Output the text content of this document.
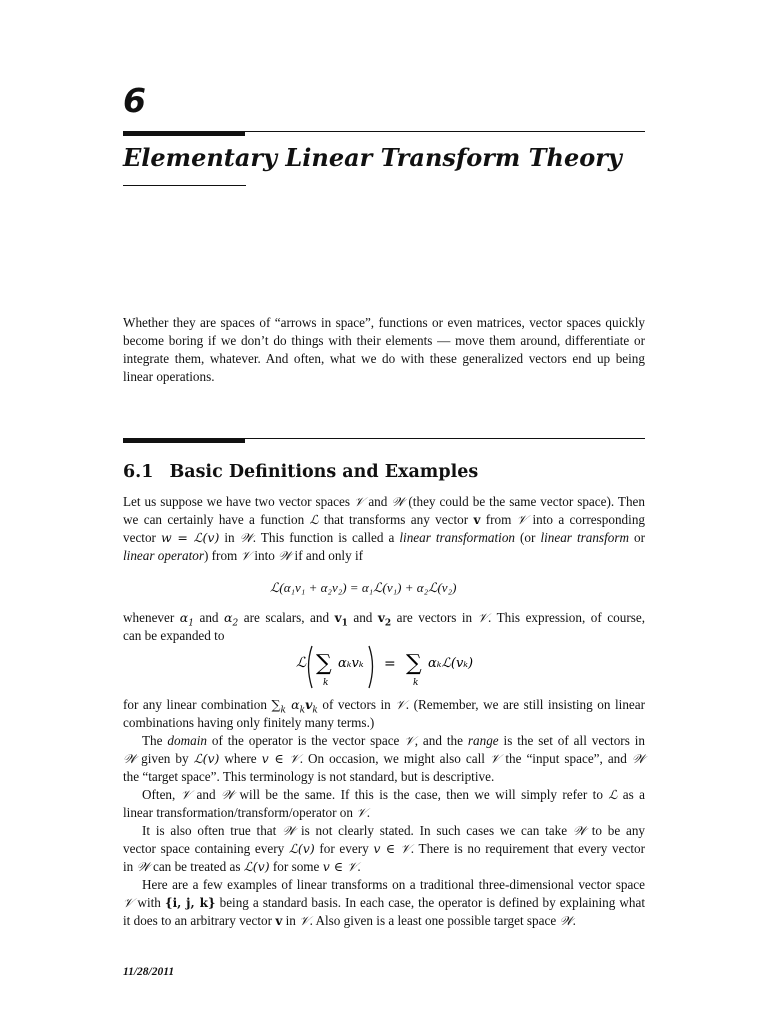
6
Elementary Linear Transform Theory
Whether they are spaces of “arrows in space”, functions or even matrices, vector spaces quickly
become boring if we don’t do things with their elements — move them around, differentiate or
integrate them, whatever. And often, what we do with these generalized vectors end up being
linear operations.
6.1 Basic Definitions and Examples
Let us suppose we have two vector spaces 𝒱 and 𝒲 (they could be the same vector space). Then
we can certainly have a function ℒ that transforms any vector v from 𝒱 into a corresponding
vector w = ℒ(v) in 𝒲. This function is called a linear transformation (or linear transform or
linear operator) from 𝒱 into 𝒲 if and only if
ℒ(α₁v₁ + α₂v₂) = α₁ℒ(v₁) + α₂ℒ(v₂)
whenever $\alpha_1$ and $\alpha_2$ are scalars, and $v_1$ and $v_2$ are vectors in 𝒱. This expression, of course,
can be expanded to
ℒ ∑
k
αₖvₖ = ∑
k
αₖℒ(vₖ)
for any linear combination $\sum_k$ $\alpha_kv_k$ of vectors in 𝒱. (Remember, we are still insisting on linear
combinations having only finitely many terms.)
The domain of the operator is the vector space 𝒱, and the range is the set of all vectors in
𝒲 given by ℒ(v) where v ∈ 𝒱. On occasion, we might also call 𝒱 the “input space”, and 𝒲
the “target space”. This terminology is not standard, but is descriptive.
Often, 𝒱 and 𝒲 will be the same. If this is the case, then we will simply refer to ℒ as a
linear transformation/transform/operator on 𝒱.
It is also often true that 𝒲 is not clearly stated. In such cases we can take 𝒲 to be any
vector space containing every ℒ(v) for every v ∈ 𝒱. There is no requirement that every vector
in 𝒲 can be treated as ℒ(v) for some v ∈ 𝒱.
Here are a few examples of linear transforms on a traditional three-dimensional vector space
𝒱 with {i, j, k} being a standard basis. In each case, the operator is defined by explaining what
it does to an arbitrary vector v in 𝒱. Also given is a least one possible target space 𝒲.
11/28/2011
